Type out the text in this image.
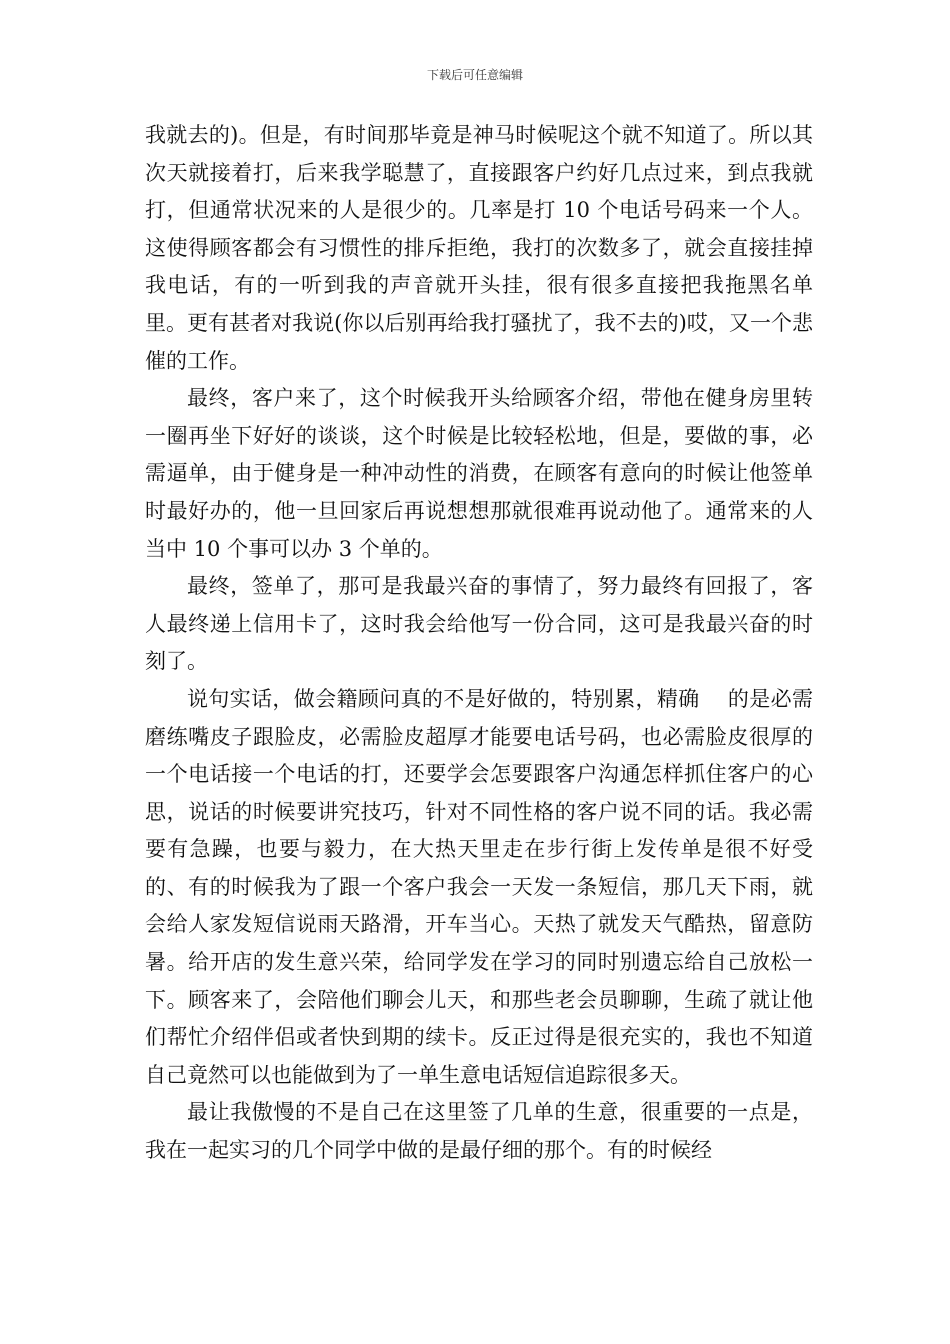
下载后可任意编辑

我就去的)。但是，有时间那毕竟是神马时候呢这个就不知道了。所以其次天就接着打，后来我学聪慧了，直接跟客户约好几点过来，到点我就打，但通常状况来的人是很少的。几率是打 10 个电话号码来一个人。这使得顾客都会有习惯性的排斥拒绝，我打的次数多了，就会直接挂掉我电话，有的一听到我的声音就开头挂，很有很多直接把我拖黑名单里。更有甚者对我说(你以后别再给我打骚扰了，我不去的)哎，又一个悲催的工作。

最终，客户来了，这个时候我开头给顾客介绍，带他在健身房里转一圈再坐下好好的谈谈，这个时候是比较轻松地，但是，要做的事，必需逼单，由于健身是一种冲动性的消费，在顾客有意向的时候让他签单时最好办的，他一旦回家后再说想想那就很难再说动他了。通常来的人当中 10 个事可以办 3 个单的。

最终，签单了，那可是我最兴奋的事情了，努力最终有回报了，客人最终递上信用卡了，这时我会给他写一份合同，这可是我最兴奋的时刻了。

说句实话，做会籍顾问真的不是好做的，特别累，精确　 的是必需磨练嘴皮子跟脸皮，必需脸皮超厚才能要电话号码，也必需脸皮很厚的一个电话接一个电话的打，还要学会怎要跟客户沟通怎样抓住客户的心思，说话的时候要讲究技巧，针对不同性格的客户说不同的话。我必需要有急躁，也要与毅力，在大热天里走在步行街上发传单是很不好受的、有的时候我为了跟一个客户我会一天发一条短信，那几天下雨，就会给人家发短信说雨天路滑，开车当心。天热了就发天气酷热，留意防暑。给开店的发生意兴荣，给同学发在学习的同时别遗忘给自己放松一下。顾客来了，会陪他们聊会儿天，和那些老会员聊聊，生疏了就让他们帮忙介绍伴侣或者快到期的续卡。反正过得是很充实的，我也不知道自己竟然可以也能做到为了一单生意电话短信追踪很多天。

最让我傲慢的不是自己在这里签了几单的生意，很重要的一点是，我在一起实习的几个同学中做的是最仔细的那个。有的时候经
